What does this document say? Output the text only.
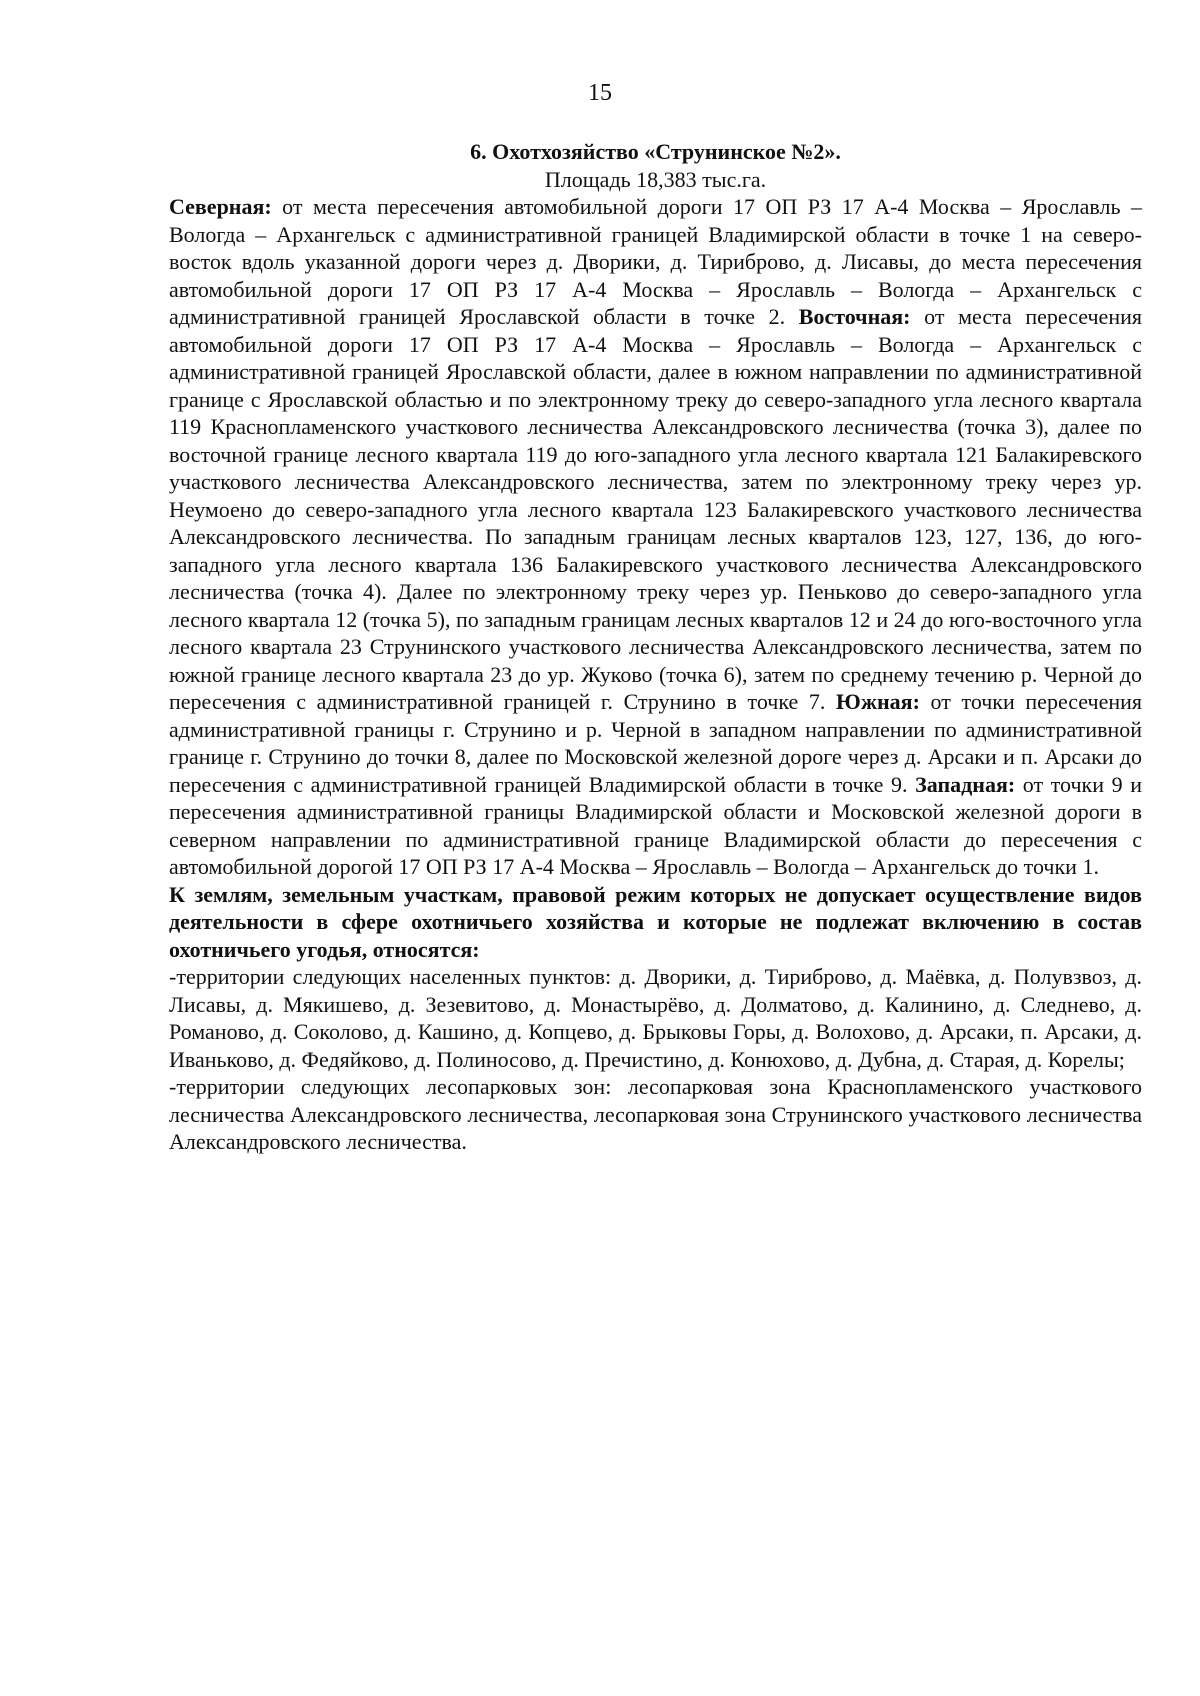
15

6. Охотхозяйство «Струнинское №2».

Площадь 18,383 тыс.га.

Северная: от места пересечения автомобильной дороги 17 ОП РЗ 17 А-4 Москва – Ярославль – Вологда – Архангельск с административной границей Владимирской области в точке 1 на северо-восток вдоль указанной дороги через д. Дворики, д. Тириброво, д. Лисавы, до места пересечения автомобильной дороги 17 ОП РЗ 17 А-4 Москва – Ярославль – Вологда – Архангельск с административной границей Ярославской области в точке 2. Восточная: от места пересечения автомобильной дороги 17 ОП РЗ 17 А-4 Москва – Ярославль – Вологда – Архангельск с административной границей Ярославской области, далее в южном направлении по административной границе с Ярославской областью и по электронному треку до северо-западного угла лесного квартала 119 Краснопламенского участкового лесничества Александровского лесничества (точка 3), далее по восточной границе лесного квартала 119 до юго-западного угла лесного квартала 121 Балакиревского участкового лесничества Александровского лесничества, затем по электронному треку через ур. Неумоено до северо-западного угла лесного квартала 123 Балакиревского участкового лесничества Александровского лесничества. По западным границам лесных кварталов 123, 127, 136, до юго-западного угла лесного квартала 136 Балакиревского участкового лесничества Александровского лесничества (точка 4). Далее по электронному треку через ур. Пеньково до северо-западного угла лесного квартала 12 (точка 5), по западным границам лесных кварталов 12 и 24 до юго-восточного угла лесного квартала 23 Струнинского участкового лесничества Александровского лесничества, затем по южной границе лесного квартала 23 до ур. Жуково (точка 6), затем по среднему течению р. Черной до пересечения с административной границей г. Струнино в точке 7. Южная: от точки пересечения административной границы г. Струнино и р. Черной в западном направлении по административной границе г. Струнино до точки 8, далее по Московской железной дороге через д. Арсаки и п. Арсаки до пересечения с административной границей Владимирской области в точке 9. Западная: от точки 9 и пересечения административной границы Владимирской области и Московской железной дороги в северном направлении по административной границе Владимирской области до пересечения с автомобильной дорогой 17 ОП РЗ 17 А-4 Москва – Ярославль – Вологда – Архангельск до точки 1.

К землям, земельным участкам, правовой режим которых не допускает осуществление видов деятельности в сфере охотничьего хозяйства и которые не подлежат включению в состав охотничьего угодья, относятся:

-территории следующих населенных пунктов: д. Дворики, д. Тириброво, д. Маёвка, д. Полувзвоз, д. Лисавы, д. Мякишево, д. Зезевитово, д. Монастырёво, д. Долматово, д. Калинино, д. Следнево, д. Романово, д. Соколово, д. Кашино, д. Копцево, д. Брыковы Горы, д. Волохово, д. Арсаки, п. Арсаки, д. Иваньково, д. Федяйково, д. Полиносово, д. Пречистино, д. Конюхово, д. Дубна, д. Старая, д. Корелы;

-территории следующих лесопарковых зон: лесопарковая зона Краснопламенского участкового лесничества Александровского лесничества, лесопарковая зона Струнинского участкового лесничества Александровского лесничества.
